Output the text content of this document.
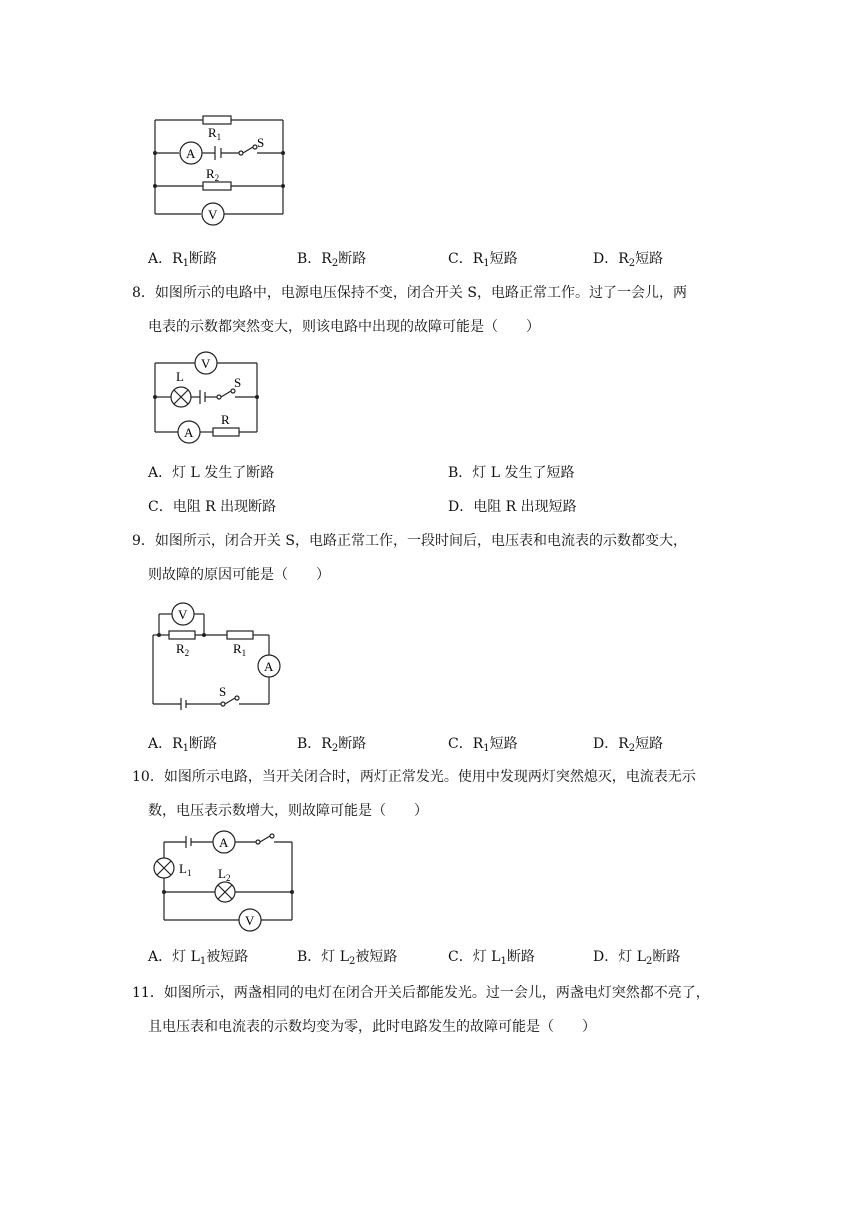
$R_1$	S
A
$R_2$
V
A．$R_1$断路	B．$R_2$断路	C．$R_1$短路	D．$R_2$短路
8．如图所示的电路中，电源电压保持不变，闭合开关 S，电路正常工作。过了一会儿，两
电表的示数都突然变大，则该电路中出现的故障可能是（　　）
V
L	S
A
R
A．灯 L 发生了断路	B．灯 L 发生了短路
C．电阻 R 出现断路	D．电阻 R 出现短路
9．如图所示，闭合开关 S，电路正常工作，一段时间后，电压表和电流表的示数都变大，
则故障的原因可能是（　　）
V
$R_2$	$R_1$
A
S
A．$R_1$断路	B．$R_2$断路	C．$R_1$短路	D．$R_2$短路
10．如图所示电路，当开关闭合时，两灯正常发光。使用中发现两灯突然熄灭，电流表无示
数，电压表示数增大，则故障可能是（　　）
A
$L_1$ $L_2$
V
A．灯 $L_1$被短路	B．灯 $L_2$被短路	C．灯 $L_1$断路	D．灯 $L_2$断路
11．如图所示，两盏相同的电灯在闭合开关后都能发光。过一会儿，两盏电灯突然都不亮了，
且电压表和电流表的示数均变为零，此时电路发生的故障可能是（　　）
